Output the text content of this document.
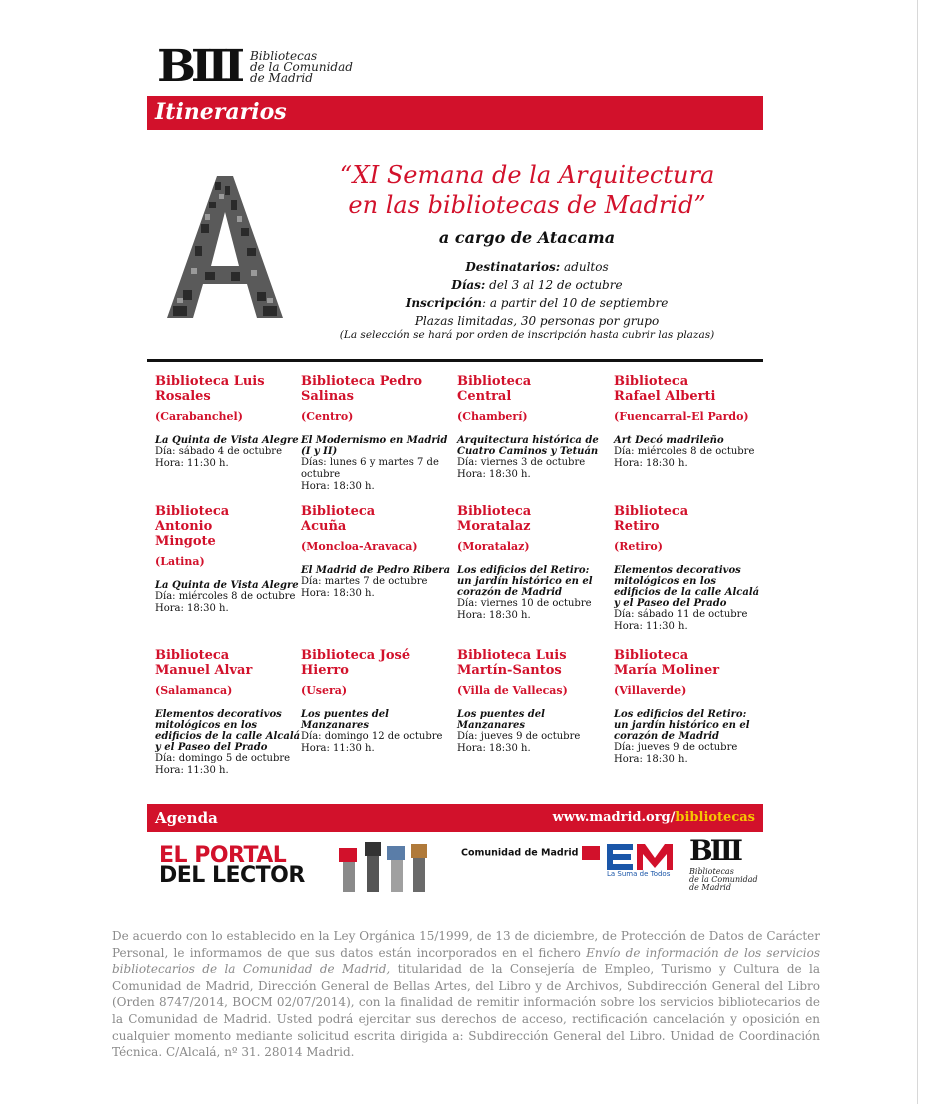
BIII Bibliotecas
de la Comunidad
de Madrid
Itinerarios
“XI Semana de la Arquitectura
en las bibliotecas de Madrid”
a cargo de Atacama
Destinatarios: adultos
Días: del 3 al 12 de octubre
Inscripción: a partir del 10 de septiembre
Plazas limitadas, 30 personas por grupo
(La selección se hará por orden de inscripción hasta cubrir las plazas)
Biblioteca Luis Rosales
(Carabanchel)
La Quinta de Vista Alegre
Día: sábado 4 de octubre
Hora: 11:30 h.
Biblioteca Pedro Salinas
(Centro)
El Modernismo en Madrid (I y II)
Días: lunes 6 y martes 7 de octubre
Hora: 18:30 h.
Biblioteca Central
(Chamberí)
Arquitectura histórica de Cuatro Caminos y Tetuán
Día: viernes 3 de octubre
Hora: 18:30 h.
Biblioteca Rafael Alberti
(Fuencarral-El Pardo)
Art Decó madrileño
Día: miércoles 8 de octubre
Hora: 18:30 h.
Biblioteca Antonio Mingote
(Latina)
La Quinta de Vista Alegre
Día: miércoles 8 de octubre
Hora: 18:30 h.
Biblioteca Acuña
(Moncloa-Aravaca)
El Madrid de Pedro Ribera
Día: martes 7 de octubre
Hora: 18:30 h.
Biblioteca Moratalaz
(Moratalaz)
Los edificios del Retiro: un jardín histórico en el corazón de Madrid
Día: viernes 10 de octubre
Hora: 18:30 h.
Biblioteca Retiro
(Retiro)
Elementos decorativos mitológicos en los edificios de la calle Alcalá y el Paseo del Prado
Día: sábado 11 de octubre
Hora: 11:30 h.
Biblioteca Manuel Alvar
(Salamanca)
Elementos decorativos mitológicos en los edificios de la calle Alcalá y el Paseo del Prado
Día: domingo 5 de octubre
Hora: 11:30 h.
Biblioteca José Hierro
(Usera)
Los puentes del Manzanares
Día: domingo 12 de octubre
Hora: 11:30 h.
Biblioteca Luis Martín-Santos
(Villa de Vallecas)
Los puentes del Manzanares
Día: jueves 9 de octubre
Hora: 18:30 h.
Biblioteca María Moliner
(Villaverde)
Los edificios del Retiro: un jardín histórico en el corazón de Madrid
Día: jueves 9 de octubre
Hora: 18:30 h.
Agenda	www.madrid.org/bibliotecas
EL PORTAL
DEL LECTOR
Comunidad de Madrid
La Suma de Todos
BIII
Bibliotecas
de la Comunidad
de Madrid
De acuerdo con lo establecido en la Ley Orgánica 15/1999, de 13 de diciembre, de Protección de Datos de Carácter Personal, le informamos de que sus datos están incorporados en el fichero Envío de información de los servicios bibliotecarios de la Comunidad de Madrid, titularidad de la Consejería de Empleo, Turismo y Cultura de la Comunidad de Madrid, Dirección General de Bellas Artes, del Libro y de Archivos, Subdirección General del Libro (Orden 8747/2014, BOCM 02/07/2014), con la finalidad de remitir información sobre los servicios bibliotecarios de la Comunidad de Madrid. Usted podrá ejercitar sus derechos de acceso, rectificación cancelación y oposición en cualquier momento mediante solicitud escrita dirigida a: Subdirección General del Libro. Unidad de Coordinación Técnica. C/Alcalá, nº 31. 28014 Madrid.
